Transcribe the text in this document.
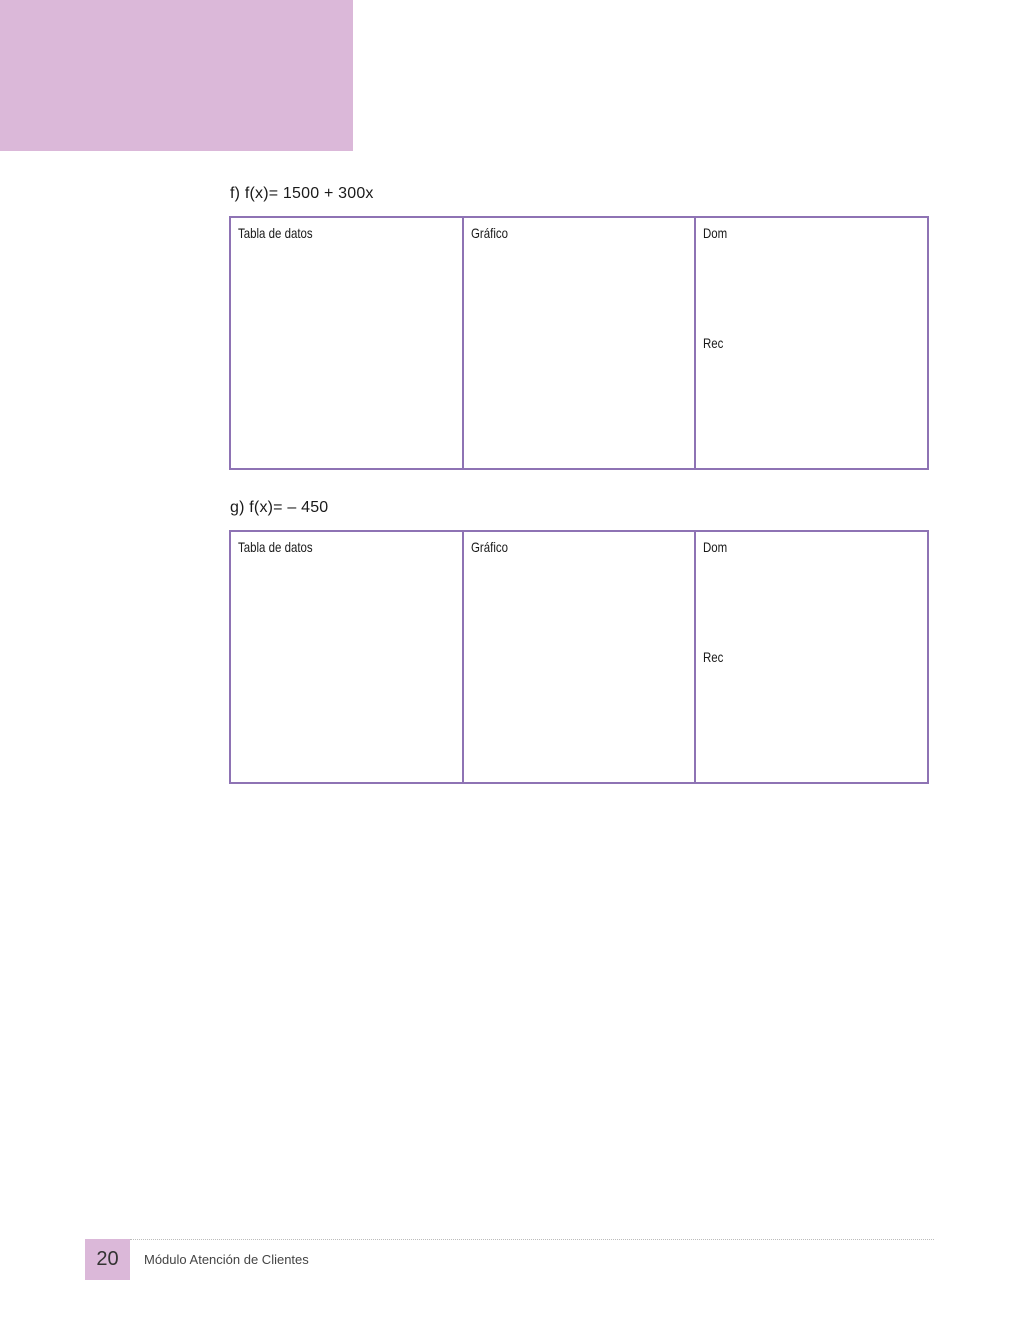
f) f(x)= 1500 + 300x
Tabla de datos	Gráfico	Dom
Rec
g) f(x)= – 450
Tabla de datos	Gráfico	Dom
Rec
20	Módulo Atención de Clientes
